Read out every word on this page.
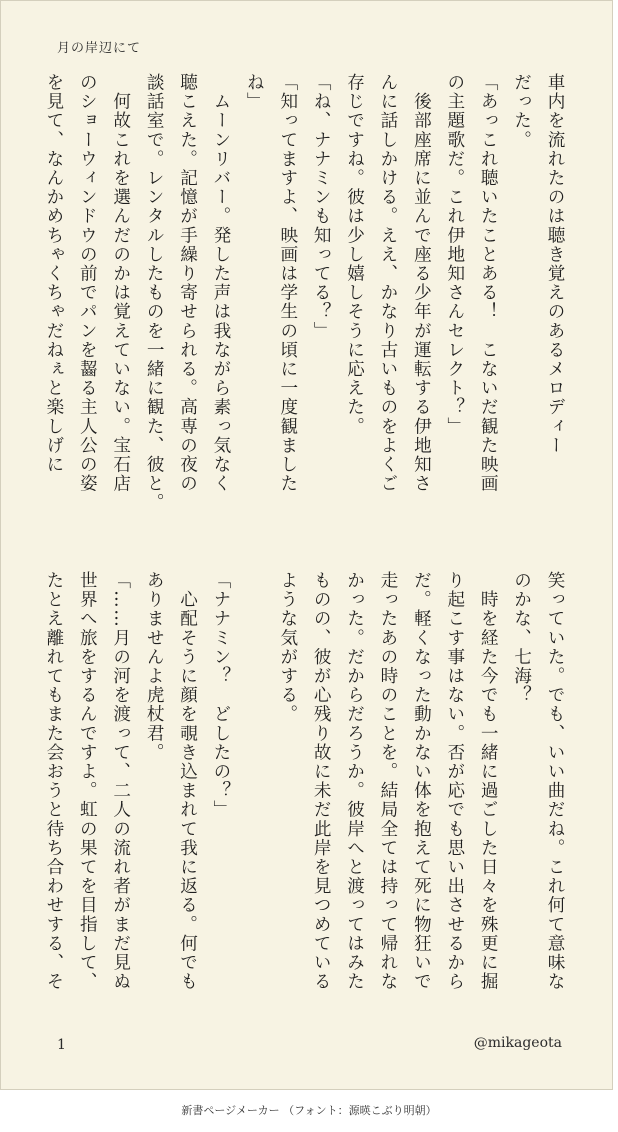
月の岸辺にて
車内を流れたのは聴き覚えのあるメロディー
だった。
「あっこれ聴いたことある！　こないだ観た映画
の主題歌だ。これ伊地知さんセレクト？」
　後部座席に並んで座る少年が運転する伊地知さ
んに話しかける。ええ、かなり古いものをよくご
存じですね。彼は少し嬉しそうに応えた。
「ね、ナナミンも知ってる？」
「知ってますよ、映画は学生の頃に一度観ました
ね」
　ムーンリバー。発した声は我ながら素っ気なく
聴こえた。記憶が手繰り寄せられる。高専の夜の
談話室で。レンタルしたものを一緒に観た、彼と。
　何故これを選んだのかは覚えていない。宝石店
のショーウィンドウの前でパンを齧る主人公の姿
を見て、なんかめちゃくちゃだねぇと楽しげに
笑っていた。でも、いい曲だね。これ何て意味な
のかな、七海？
　時を経た今でも一緒に過ごした日々を殊更に掘
り起こす事はない。否が応でも思い出させるから
だ。軽くなった動かない体を抱えて死に物狂いで
走ったあの時のことを。結局全ては持って帰れな
かった。だからだろうか。彼岸へと渡ってはみた
ものの、彼が心残り故に未だ此岸を見つめている
ような気がする。
「ナナミン？　どしたの？」
　心配そうに顔を覗き込まれて我に返る。何でも
ありませんよ虎杖君。
「……月の河を渡って、二人の流れ者がまだ見ぬ
世界へ旅をするんですよ。虹の果てを目指して、
たとえ離れてもまた会おうと待ち合わせする、そ
1	@mikageota
新書ページメーカー （フォント：源暎こぶり明朝）
